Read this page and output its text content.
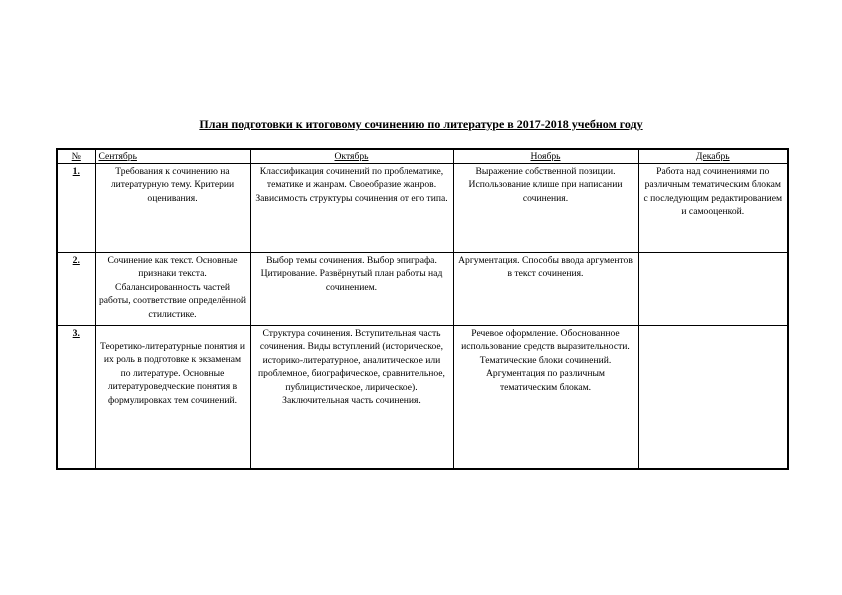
План подготовки к итоговому сочинению по литературе в 2017-2018 учебном году
№	Сентябрь	Октябрь	Ноябрь	Декабрь
1.	Требования к сочинению на литературную тему. Критерии оценивания.	Классификация сочинений по проблематике, тематике и жанрам. Своеобразие жанров. Зависимость структуры сочинения от его типа.	Выражение собственной позиции. Использование клише при написании сочинения.	Работа над сочинениями по различным тематическим блокам с последующим редактированием и самооценкой.
2.	Сочинение как текст. Основные признаки текста. Сбалансированность частей работы, соответствие определённой стилистике.	Выбор темы сочинения. Выбор эпиграфа. Цитирование. Развёрнутый план работы над сочинением.	Аргументация. Способы ввода аргументов в текст сочинения.	
3.	Теоретико-литературные понятия и их роль в подготовке к экзаменам по литературе. Основные литературоведческие понятия в формулировках тем сочинений.	Структура сочинения. Вступительная часть сочинения. Виды вступлений (историческое, историко-литературное, аналитическое или проблемное, биографическое, сравнительное, публицистическое, лирическое). Заключительная часть сочинения.	Речевое оформление. Обоснованное использование средств выразительности. Тематические блоки сочинений. Аргументация по различным тематическим блокам.	
